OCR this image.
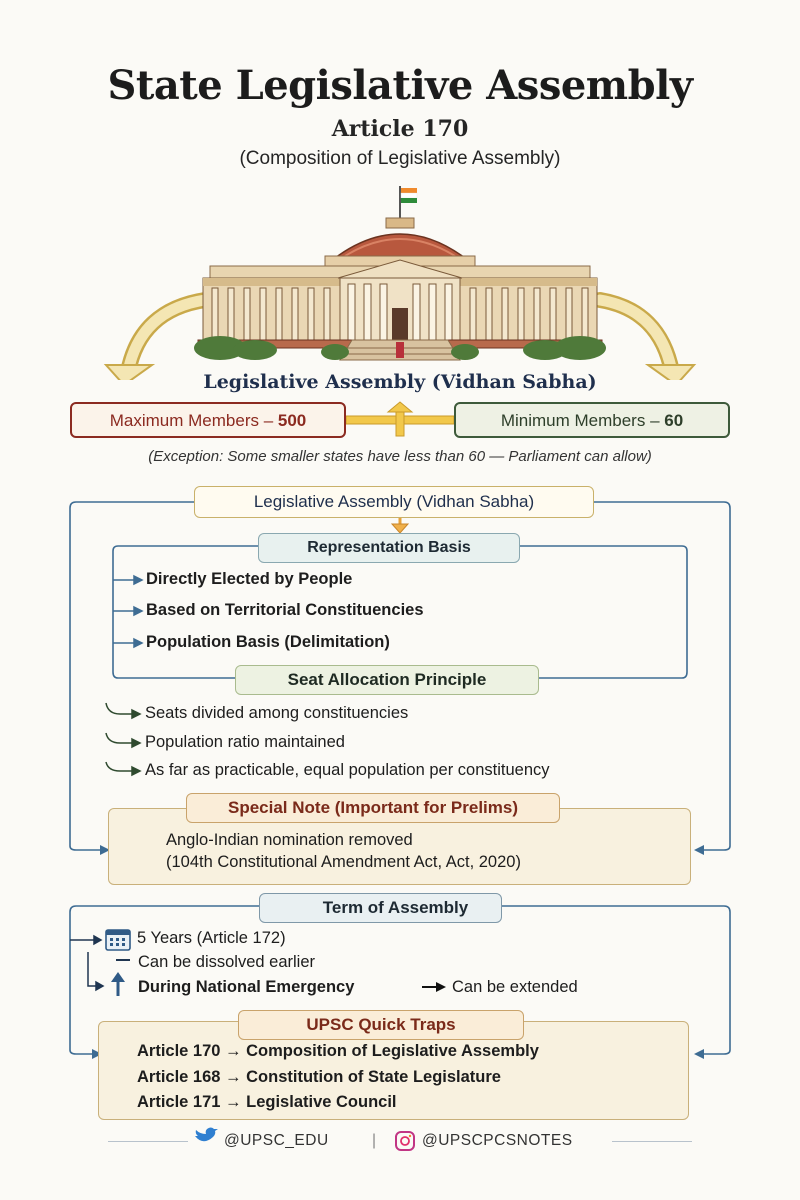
State Legislative Assembly
Article 170
(Composition of Legislative Assembly)
Legislative Assembly (Vidhan Sabha)
Maximum Members – 500	Minimum Members – 60
(Exception: Some smaller states have less than 60 — Parliament can allow)
Legislative Assembly (Vidhan Sabha)
Representation Basis
Directly Elected by People
Based on Territorial Constituencies
Population Basis (Delimitation)
Seat Allocation Principle
Seats divided among constituencies
Population ratio maintained
As far as practicable, equal population per constituency
Special Note (Important for Prelims)
Anglo-Indian nomination removed
(104th Constitutional Amendment Act, Act, 2020)
Term of Assembly
5 Years (Article 172)
Can be dissolved earlier
During National Emergency	Can be extended
UPSC Quick Traps
Article 170 → Composition of Legislative Assembly
Article 168 → Constitution of State Legislature
Article 171 → Legislative Council
@UPSC_EDU	|	@UPSCPCSNOTES
